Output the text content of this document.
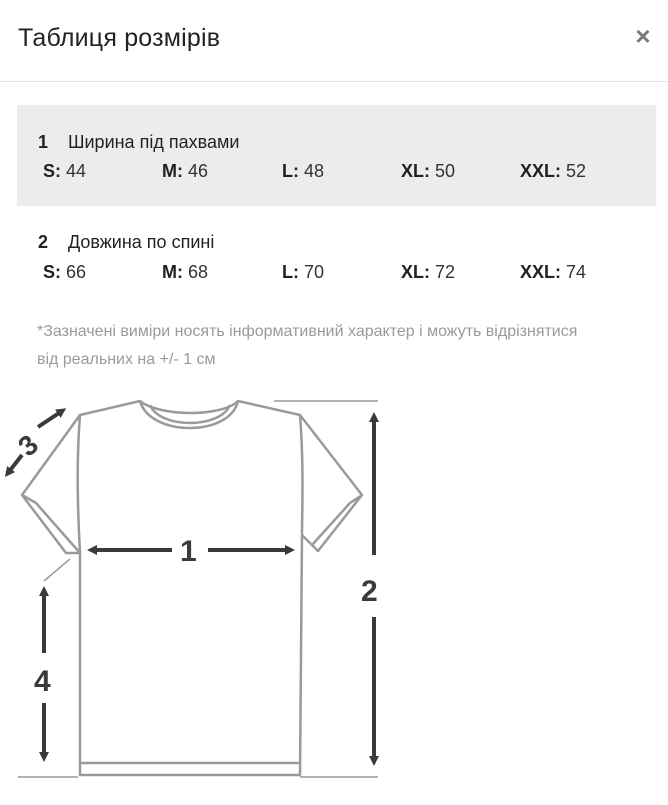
Таблиця розмірів	×
1 Ширина під пахвами
S: 44	M: 46	L: 48	XL: 50	XXL: 52
2 Довжина по спині
S: 66	M: 68	L: 70	XL: 72	XXL: 74
*Зазначені виміри носять інформативний характер і можуть відрізнятися від реальних на +/- 1 см
1
2
3
4
